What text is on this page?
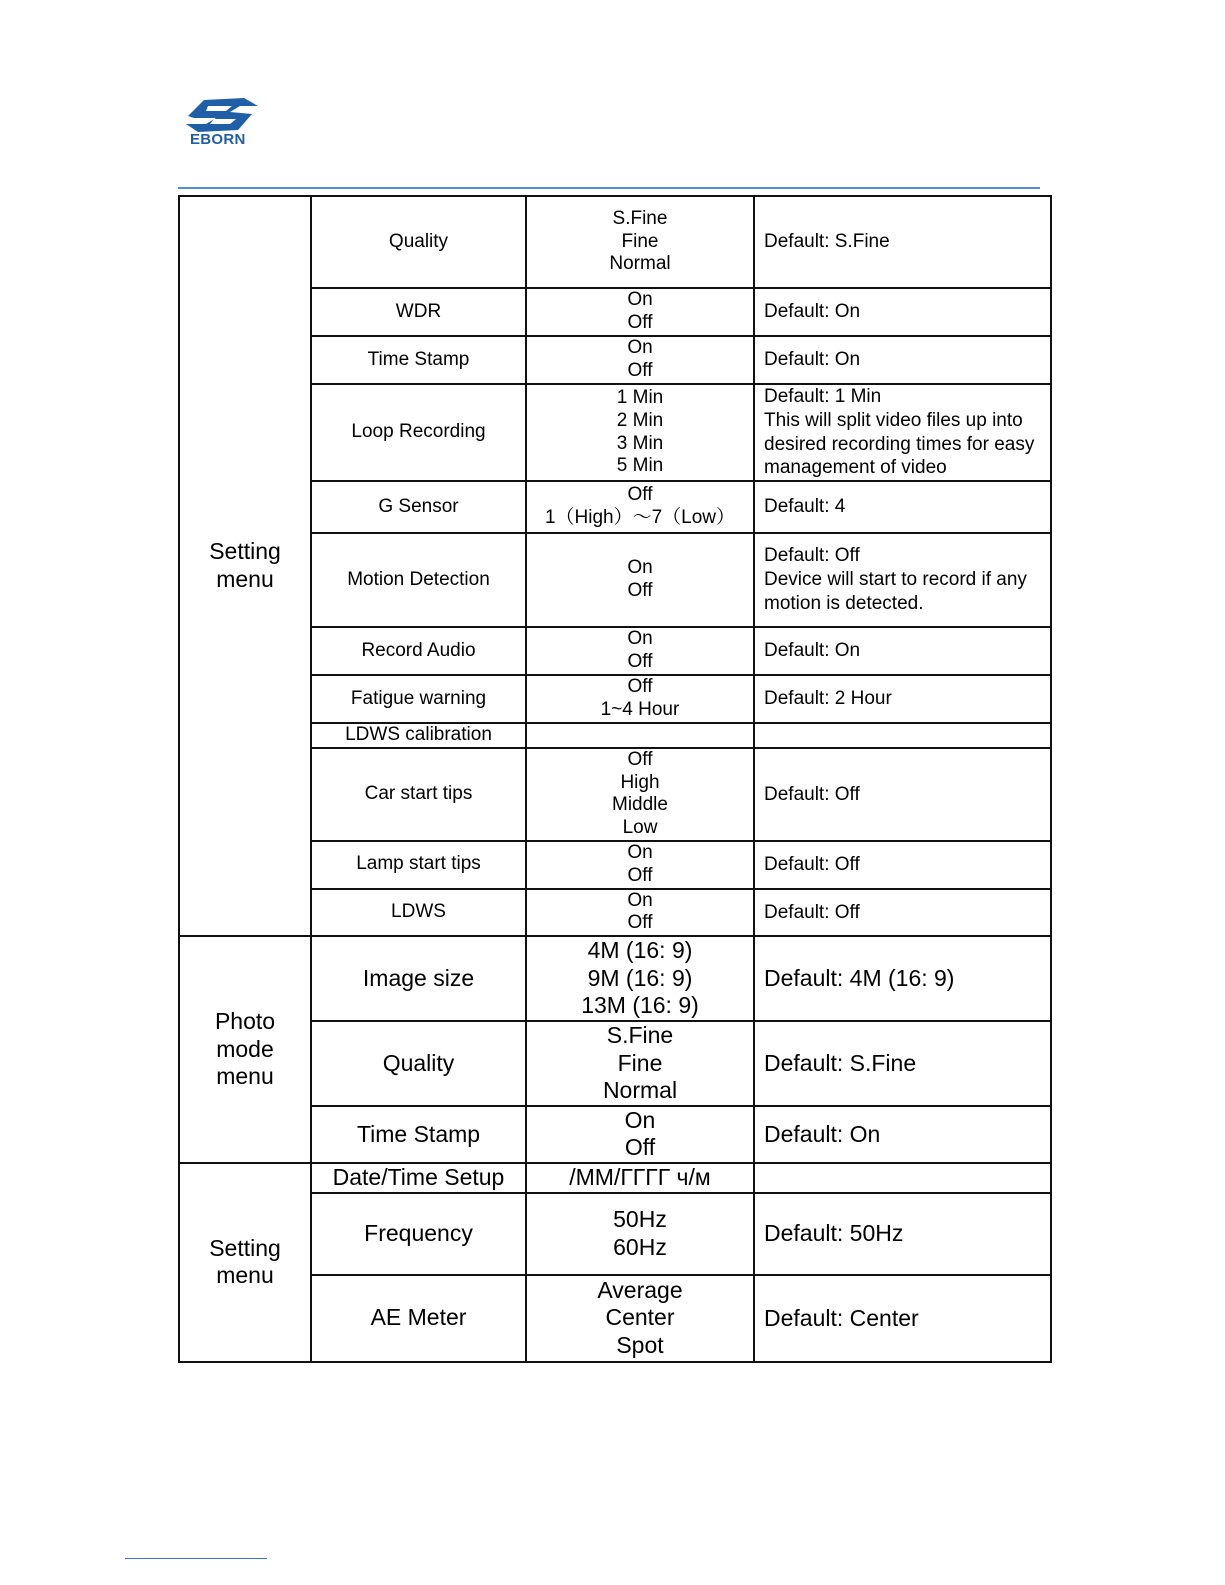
EBORN
Setting
menu	Quality	S.Fine
Fine
Normal	Default: S.Fine

	WDR	On
Off	Default: On

	Time Stamp	On
Off	Default: On

	Loop Recording	1 Min
2 Min
3 Min
5 Min	Default: 1 Min
This will split video files up into desired recording times for easy management of video

	G Sensor	Off
1（High）～7（Low）	Default: 4

	Motion Detection	On
Off	Default: Off
Device will start to record if any motion is detected.

	Record Audio	On
Off	Default: On

	Fatigue warning	Off
1~4 Hour	Default: 2 Hour

	LDWS calibration		
	Car start tips	Off
High
Middle
Low	Default: Off

	Lamp start tips	On
Off	Default: Off

	LDWS	On
Off	Default: Off

Photo
mode
menu	Image size	4M (16: 9)
9M (16: 9)
13M (16: 9)	Default: 4M (16: 9)

	Quality	S.Fine
Fine
Normal	Default: S.Fine

	Time Stamp	On
Off	Default: On

Setting
menu	Date/Time Setup	/MM/ГГГГ ч/м	

	Frequency	50Hz
60Hz	Default: 50Hz

	AE Meter	Average
Center
Spot	Default: Center
